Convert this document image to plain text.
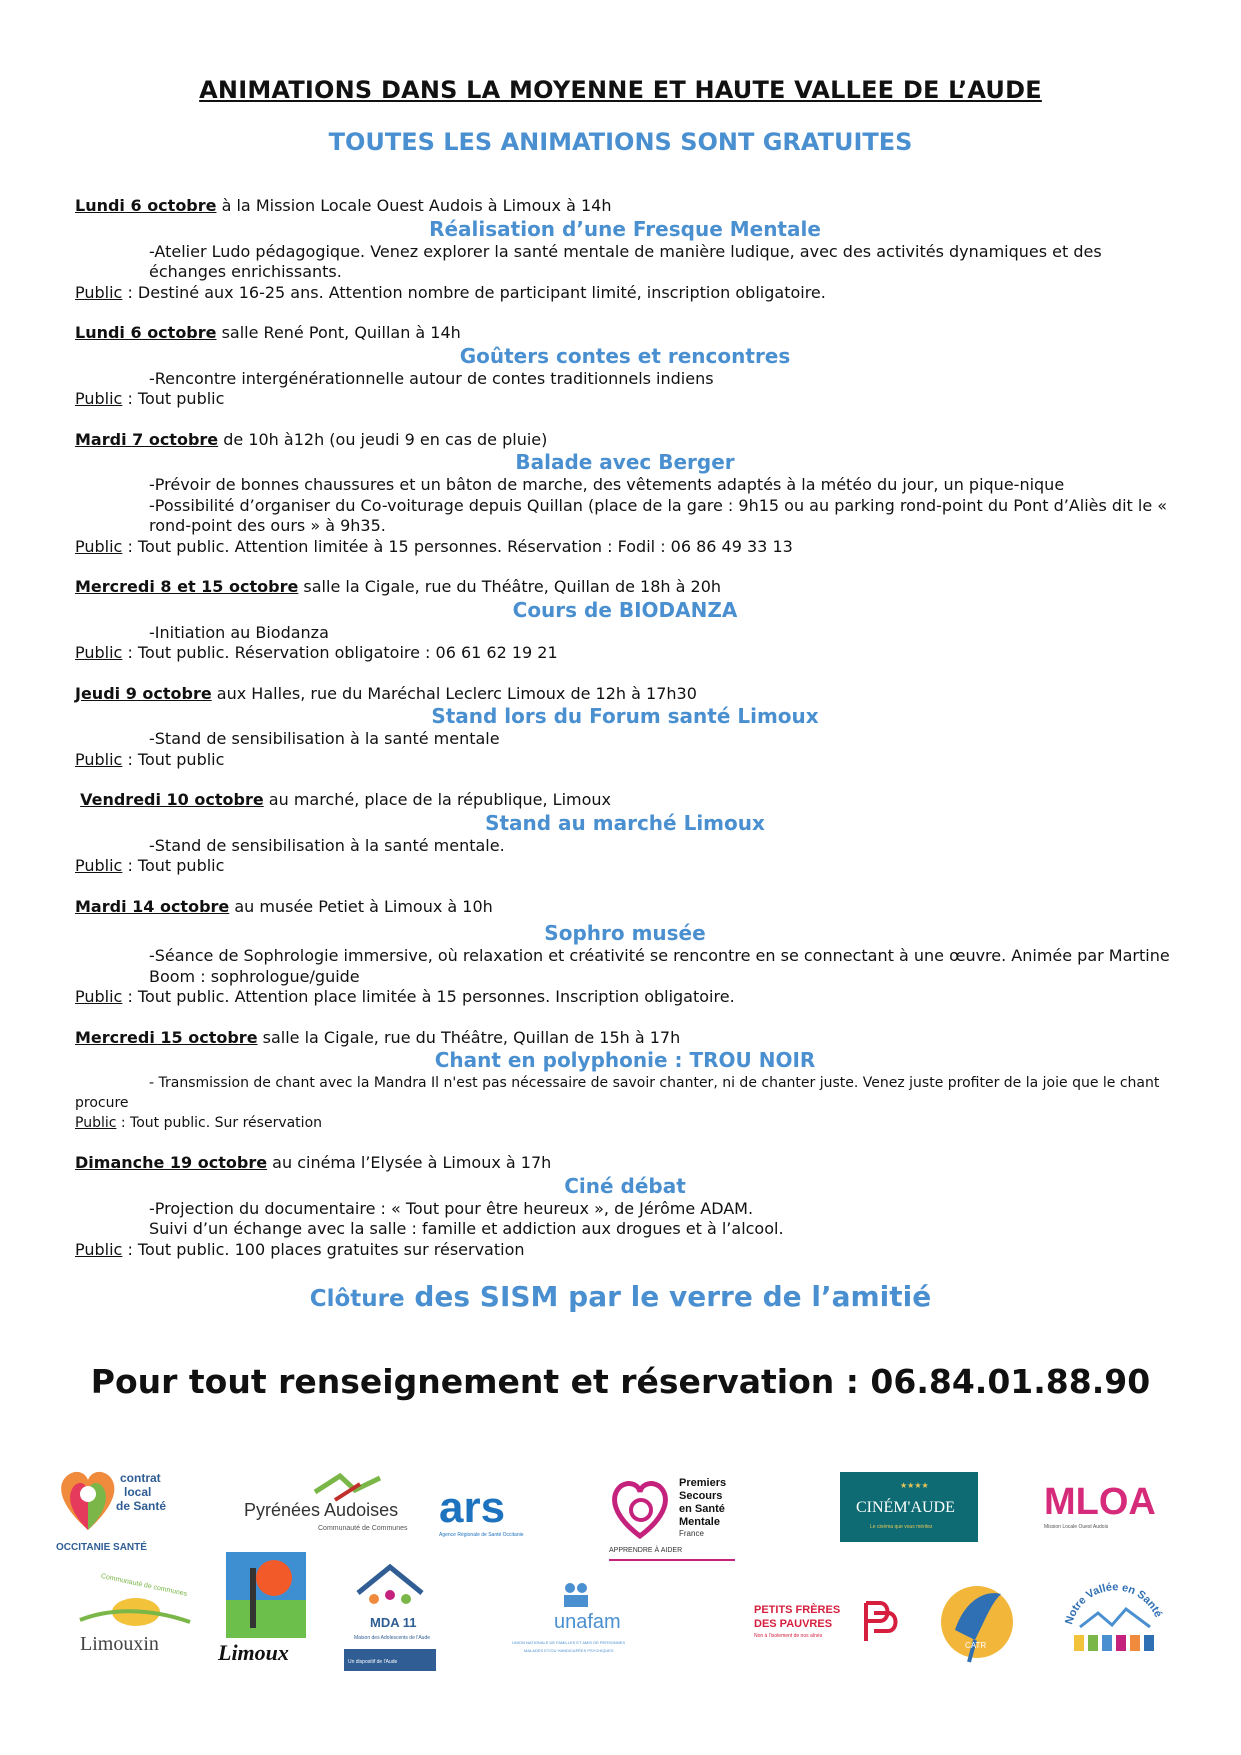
ANIMATIONS DANS LA MOYENNE ET HAUTE VALLEE DE L’AUDE
TOUTES LES ANIMATIONS SONT GRATUITES
Lundi 6 octobre à la Mission Locale Ouest Audois à Limoux à 14h
Réalisation d’une Fresque Mentale
-Atelier Ludo pédagogique. Venez explorer la santé mentale de manière ludique, avec des activités dynamiques et des échanges enrichissants.
Public : Destiné aux 16-25 ans. Attention nombre de participant limité, inscription obligatoire.
Lundi 6 octobre salle René Pont, Quillan à 14h
Goûters contes et rencontres
-Rencontre intergénérationnelle autour de contes traditionnels indiens
Public : Tout public
Mardi 7 octobre de 10h à12h (ou jeudi 9 en cas de pluie)
Balade avec Berger
-Prévoir de bonnes chaussures et un bâton de marche, des vêtements adaptés à la météo du jour, un pique-nique
-Possibilité d’organiser du Co-voiturage depuis Quillan (place de la gare : 9h15 ou au parking rond-point du Pont d’Aliès dit le « rond-point des ours » à 9h35.
Public : Tout public. Attention limitée à 15 personnes. Réservation : Fodil : 06 86 49 33 13
Mercredi 8 et 15 octobre salle la Cigale, rue du Théâtre, Quillan de 18h à 20h
Cours de BIODANZA
-Initiation au Biodanza
Public : Tout public. Réservation obligatoire : 06 61 62 19 21
Jeudi 9 octobre aux Halles, rue du Maréchal Leclerc Limoux de 12h à 17h30
Stand lors du Forum santé Limoux
-Stand de sensibilisation à la santé mentale
Public : Tout public
Vendredi 10 octobre au marché, place de la république, Limoux
Stand au marché Limoux
-Stand de sensibilisation à la santé mentale.
Public : Tout public
Mardi 14 octobre au musée Petiet à Limoux à 10h
Sophro musée
-Séance de Sophrologie immersive, où relaxation et créativité se rencontre en se connectant à une œuvre. Animée par Martine Boom : sophrologue/guide
Public : Tout public. Attention place limitée à 15 personnes. Inscription obligatoire.
Mercredi 15 octobre salle la Cigale, rue du Théâtre, Quillan de 15h à 17h
Chant en polyphonie : TROU NOIR
- Transmission de chant avec la Mandra Il n'est pas nécessaire de savoir chanter, ni de chanter juste. Venez juste profiter de la joie que le chant procure
Public : Tout public. Sur réservation
Dimanche 19 octobre au cinéma l’Elysée à Limoux à 17h
Ciné débat
-Projection du documentaire : « Tout pour être heureux », de Jérôme ADAM.
Suivi d’un échange avec la salle : famille et addiction aux drogues et à l’alcool.
Public : Tout public. 100 places gratuites sur réservation
Clôture des SISM par le verre de l’amitié
Pour tout renseignement et réservation : 06.84.01.88.90
contrat
local
de Santé
OCCITANIE SANTÉ
Pyrénées Audoises
Communauté de Communes ars
Agence Régionale de Santé Occitanie
Premiers
Secours
en Santé
Mentale
France
APPRENDRE À AIDER
★★★★
CINÉM'AUDE
Le cinéma que vous méritez
MLOA
Mission Locale Ouest Audois
Communauté de communes
Limouxin	Limoux
MDA 11
Maison des Adolescents de l'Aude
Un dispositif de l'Aude
unafam
UNION NATIONALE DE FAMILLES ET AMIS DE PERSONNES
MALADES ET/OU HANDICAPÉES PSYCHIQUES
PETITS FRÈRES
DES PAUVRES
Non à l'isolement de nos aînés
CATR
Notre Vallée en Santé
